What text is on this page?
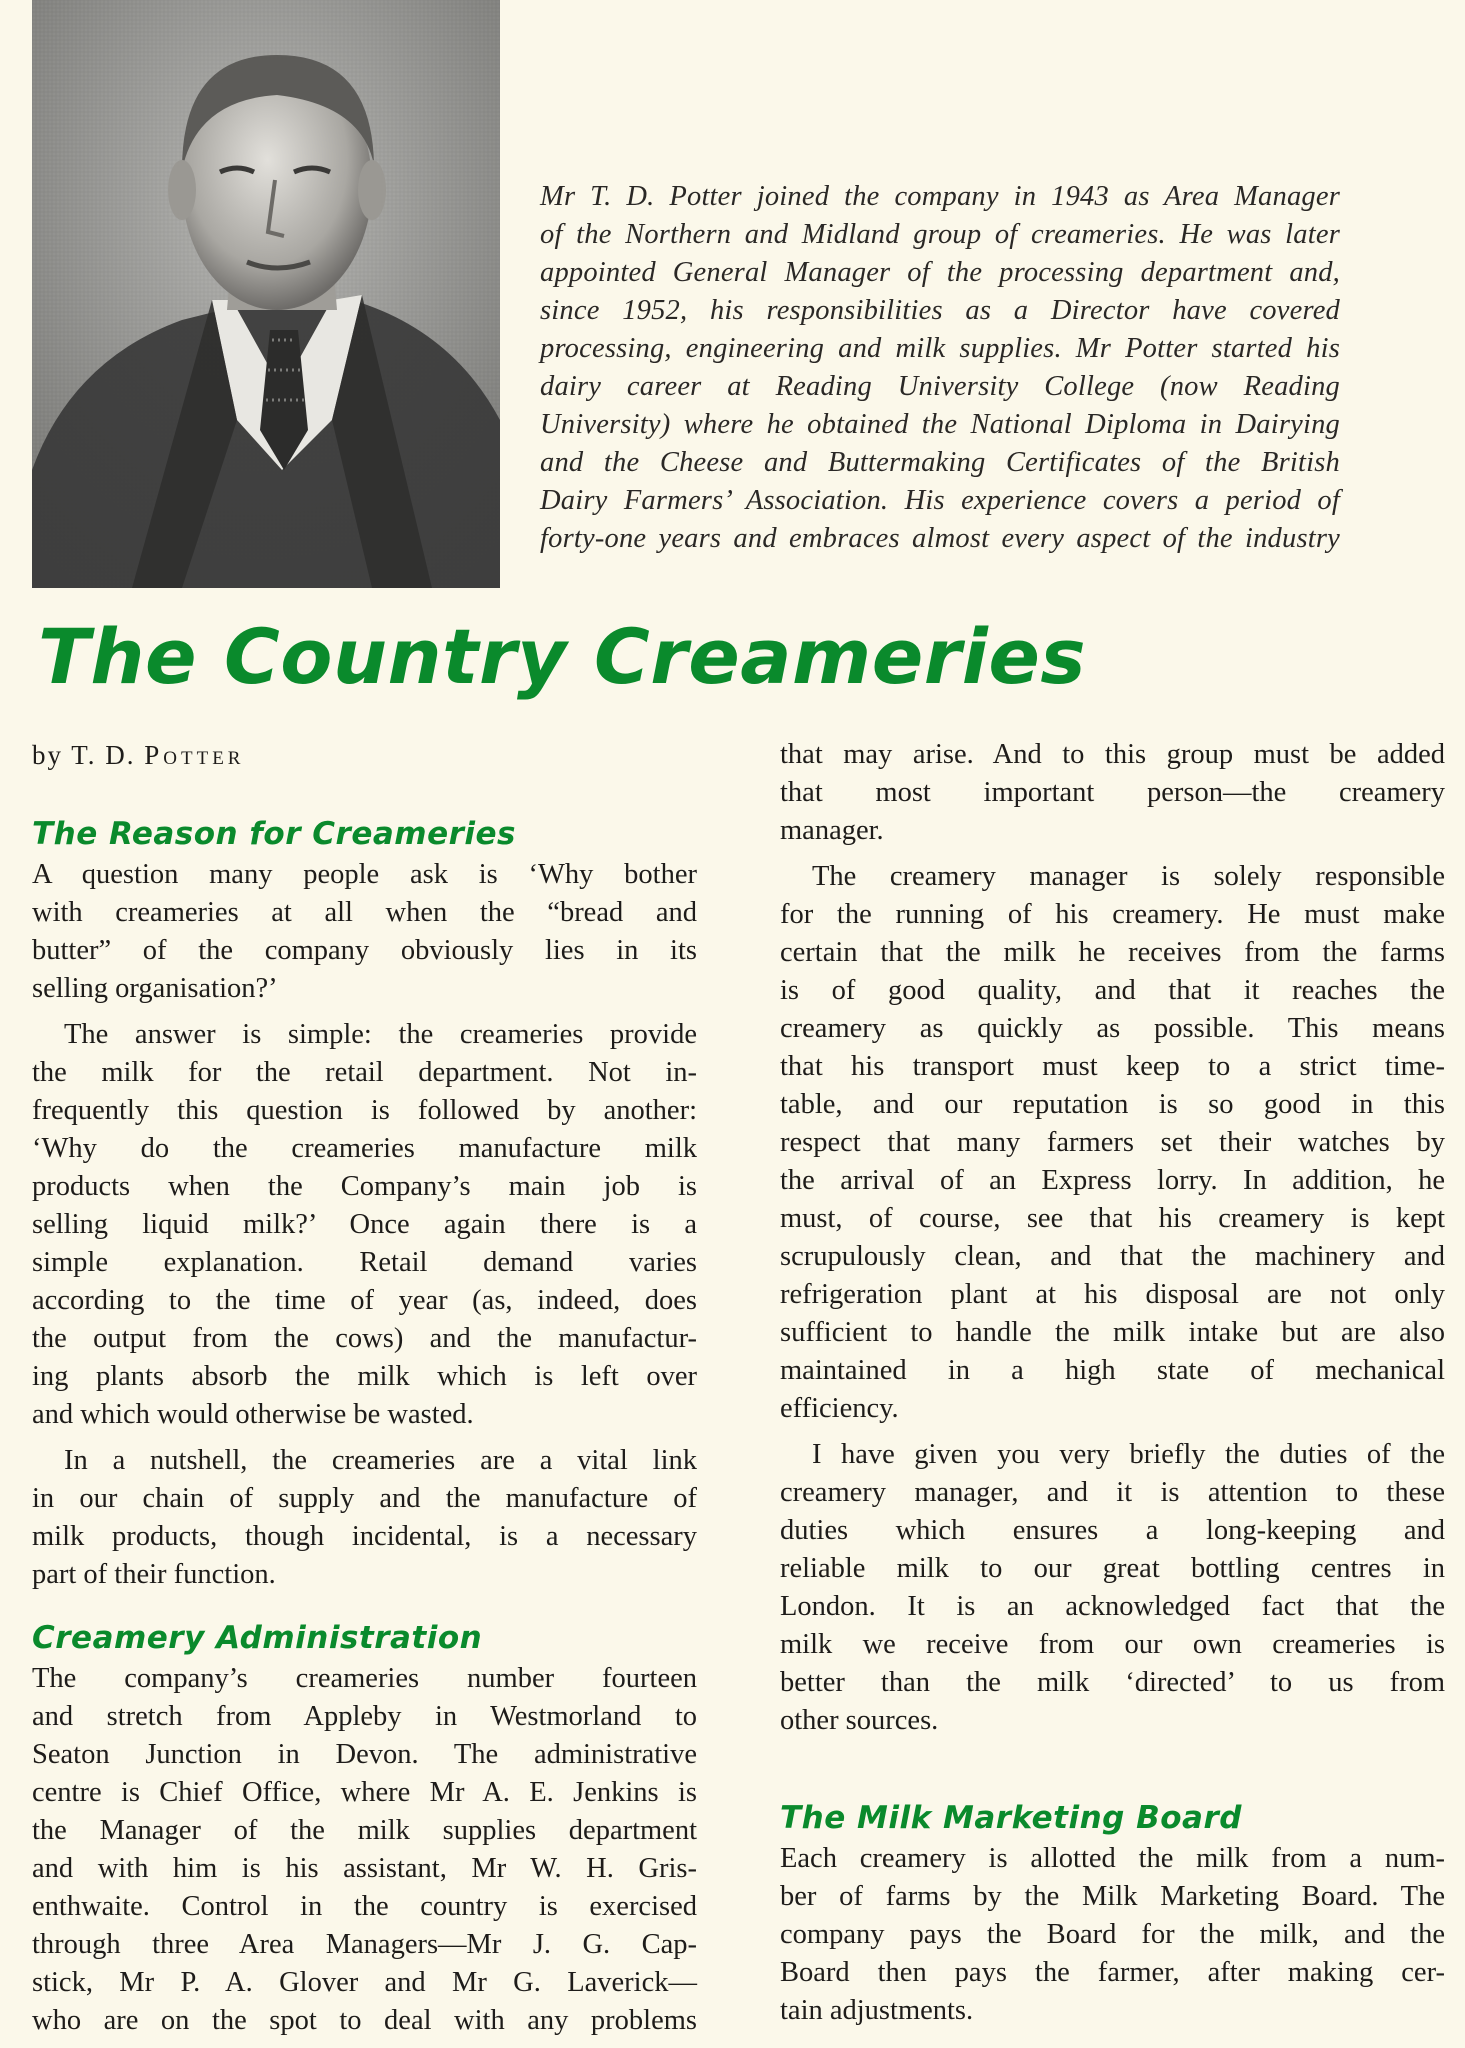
Mr T. D. Potter joined the company in 1943 as Area Manager
of the Northern and Midland group of creameries. He was later
appointed General Manager of the processing department and,
since 1952, his responsibilities as a Director have covered
processing, engineering and milk supplies. Mr Potter started his
dairy career at Reading University College (now Reading
University) where he obtained the National Diploma in Dairying
and the Cheese and Buttermaking Certificates of the British
Dairy Farmers’ Association. His experience covers a period of
forty-one years and embraces almost every aspect of the industry
The Country Creameries
by T. D. Potter
The Reason for Creameries
A question many people ask is ‘Why bother
with creameries at all when the “bread and
butter” of the company obviously lies in its
selling organisation?’
The answer is simple: the creameries provide
the milk for the retail department. Not in-
frequently this question is followed by another:
‘Why do the creameries manufacture milk
products when the Company’s main job is
selling liquid milk?’ Once again there is a
simple explanation. Retail demand varies
according to the time of year (as, indeed, does
the output from the cows) and the manufactur-
ing plants absorb the milk which is left over
and which would otherwise be wasted.
In a nutshell, the creameries are a vital link
in our chain of supply and the manufacture of
milk products, though incidental, is a necessary
part of their function.
Creamery Administration
The company’s creameries number fourteen
and stretch from Appleby in Westmorland to
Seaton Junction in Devon. The administrative
centre is Chief Office, where Mr A. E. Jenkins is
the Manager of the milk supplies department
and with him is his assistant, Mr W. H. Gris-
enthwaite. Control in the country is exercised
through three Area Managers—Mr J. G. Cap-
stick, Mr P. A. Glover and Mr G. Laverick—
who are on the spot to deal with any problems
that may arise. And to this group must be added
that most important person—the creamery
manager.
The creamery manager is solely responsible
for the running of his creamery. He must make
certain that the milk he receives from the farms
is of good quality, and that it reaches the
creamery as quickly as possible. This means
that his transport must keep to a strict time-
table, and our reputation is so good in this
respect that many farmers set their watches by
the arrival of an Express lorry. In addition, he
must, of course, see that his creamery is kept
scrupulously clean, and that the machinery and
refrigeration plant at his disposal are not only
sufficient to handle the milk intake but are also
maintained in a high state of mechanical
efficiency.
I have given you very briefly the duties of the
creamery manager, and it is attention to these
duties which ensures a long-keeping and
reliable milk to our great bottling centres in
London. It is an acknowledged fact that the
milk we receive from our own creameries is
better than the milk ‘directed’ to us from
other sources.
The Milk Marketing Board
Each creamery is allotted the milk from a num-
ber of farms by the Milk Marketing Board. The
company pays the Board for the milk, and the
Board then pays the farmer, after making cer-
tain adjustments.
